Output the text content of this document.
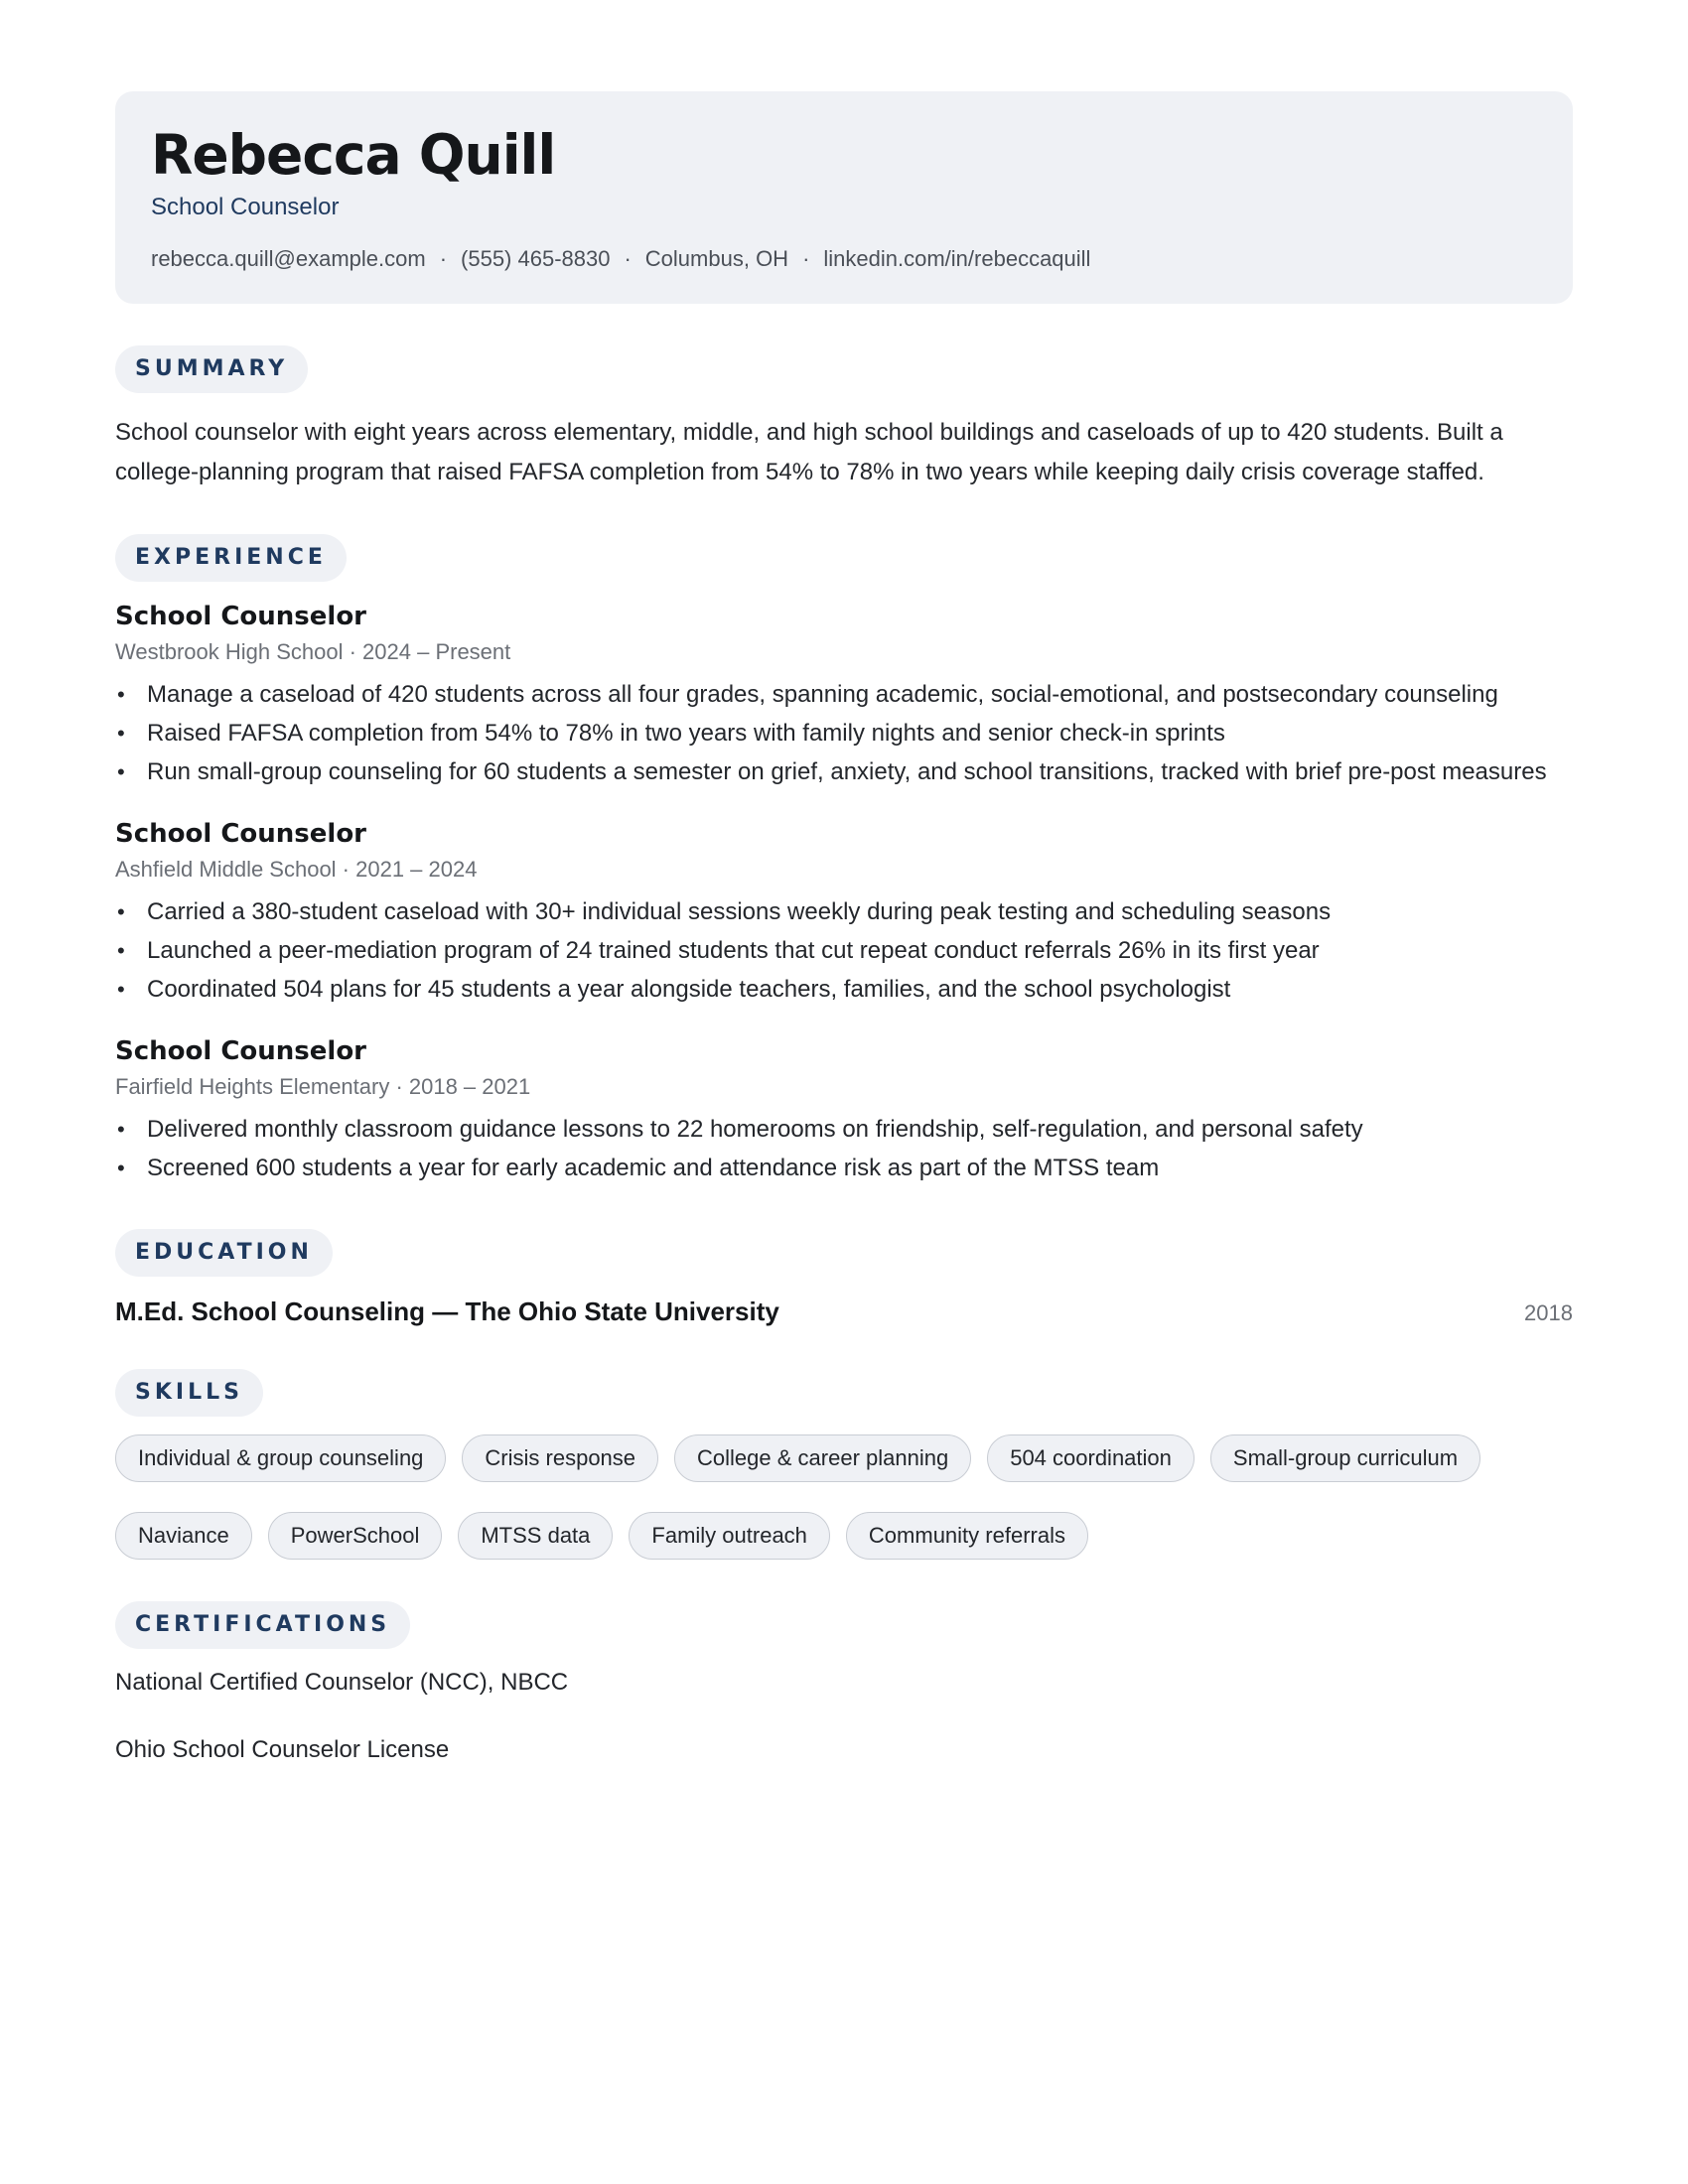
Rebecca Quill
School Counselor
rebecca.quill@example.com · (555) 465-8830 · Columbus, OH · linkedin.com/in/rebeccaquill
SUMMARY
School counselor with eight years across elementary, middle, and high school buildings and caseloads of up to 420 students. Built a college-planning program that raised FAFSA completion from 54% to 78% in two years while keeping daily crisis coverage staffed.
EXPERIENCE
School Counselor
Westbrook High School · 2024 – Present
• Manage a caseload of 420 students across all four grades, spanning academic, social-emotional, and postsecondary counseling
• Raised FAFSA completion from 54% to 78% in two years with family nights and senior check-in sprints
• Run small-group counseling for 60 students a semester on grief, anxiety, and school transitions, tracked with brief pre-post measures
School Counselor
Ashfield Middle School · 2021 – 2024
• Carried a 380-student caseload with 30+ individual sessions weekly during peak testing and scheduling seasons
• Launched a peer-mediation program of 24 trained students that cut repeat conduct referrals 26% in its first year
• Coordinated 504 plans for 45 students a year alongside teachers, families, and the school psychologist
School Counselor
Fairfield Heights Elementary · 2018 – 2021
• Delivered monthly classroom guidance lessons to 22 homerooms on friendship, self-regulation, and personal safety
• Screened 600 students a year for early academic and attendance risk as part of the MTSS team
EDUCATION
M.Ed. School Counseling — The Ohio State University	2018
SKILLS
Individual & group counseling	Crisis response	College & career planning	504 coordination	Small-group curriculum
Naviance	PowerSchool	MTSS data	Family outreach	Community referrals
CERTIFICATIONS
National Certified Counselor (NCC), NBCC
Ohio School Counselor License
